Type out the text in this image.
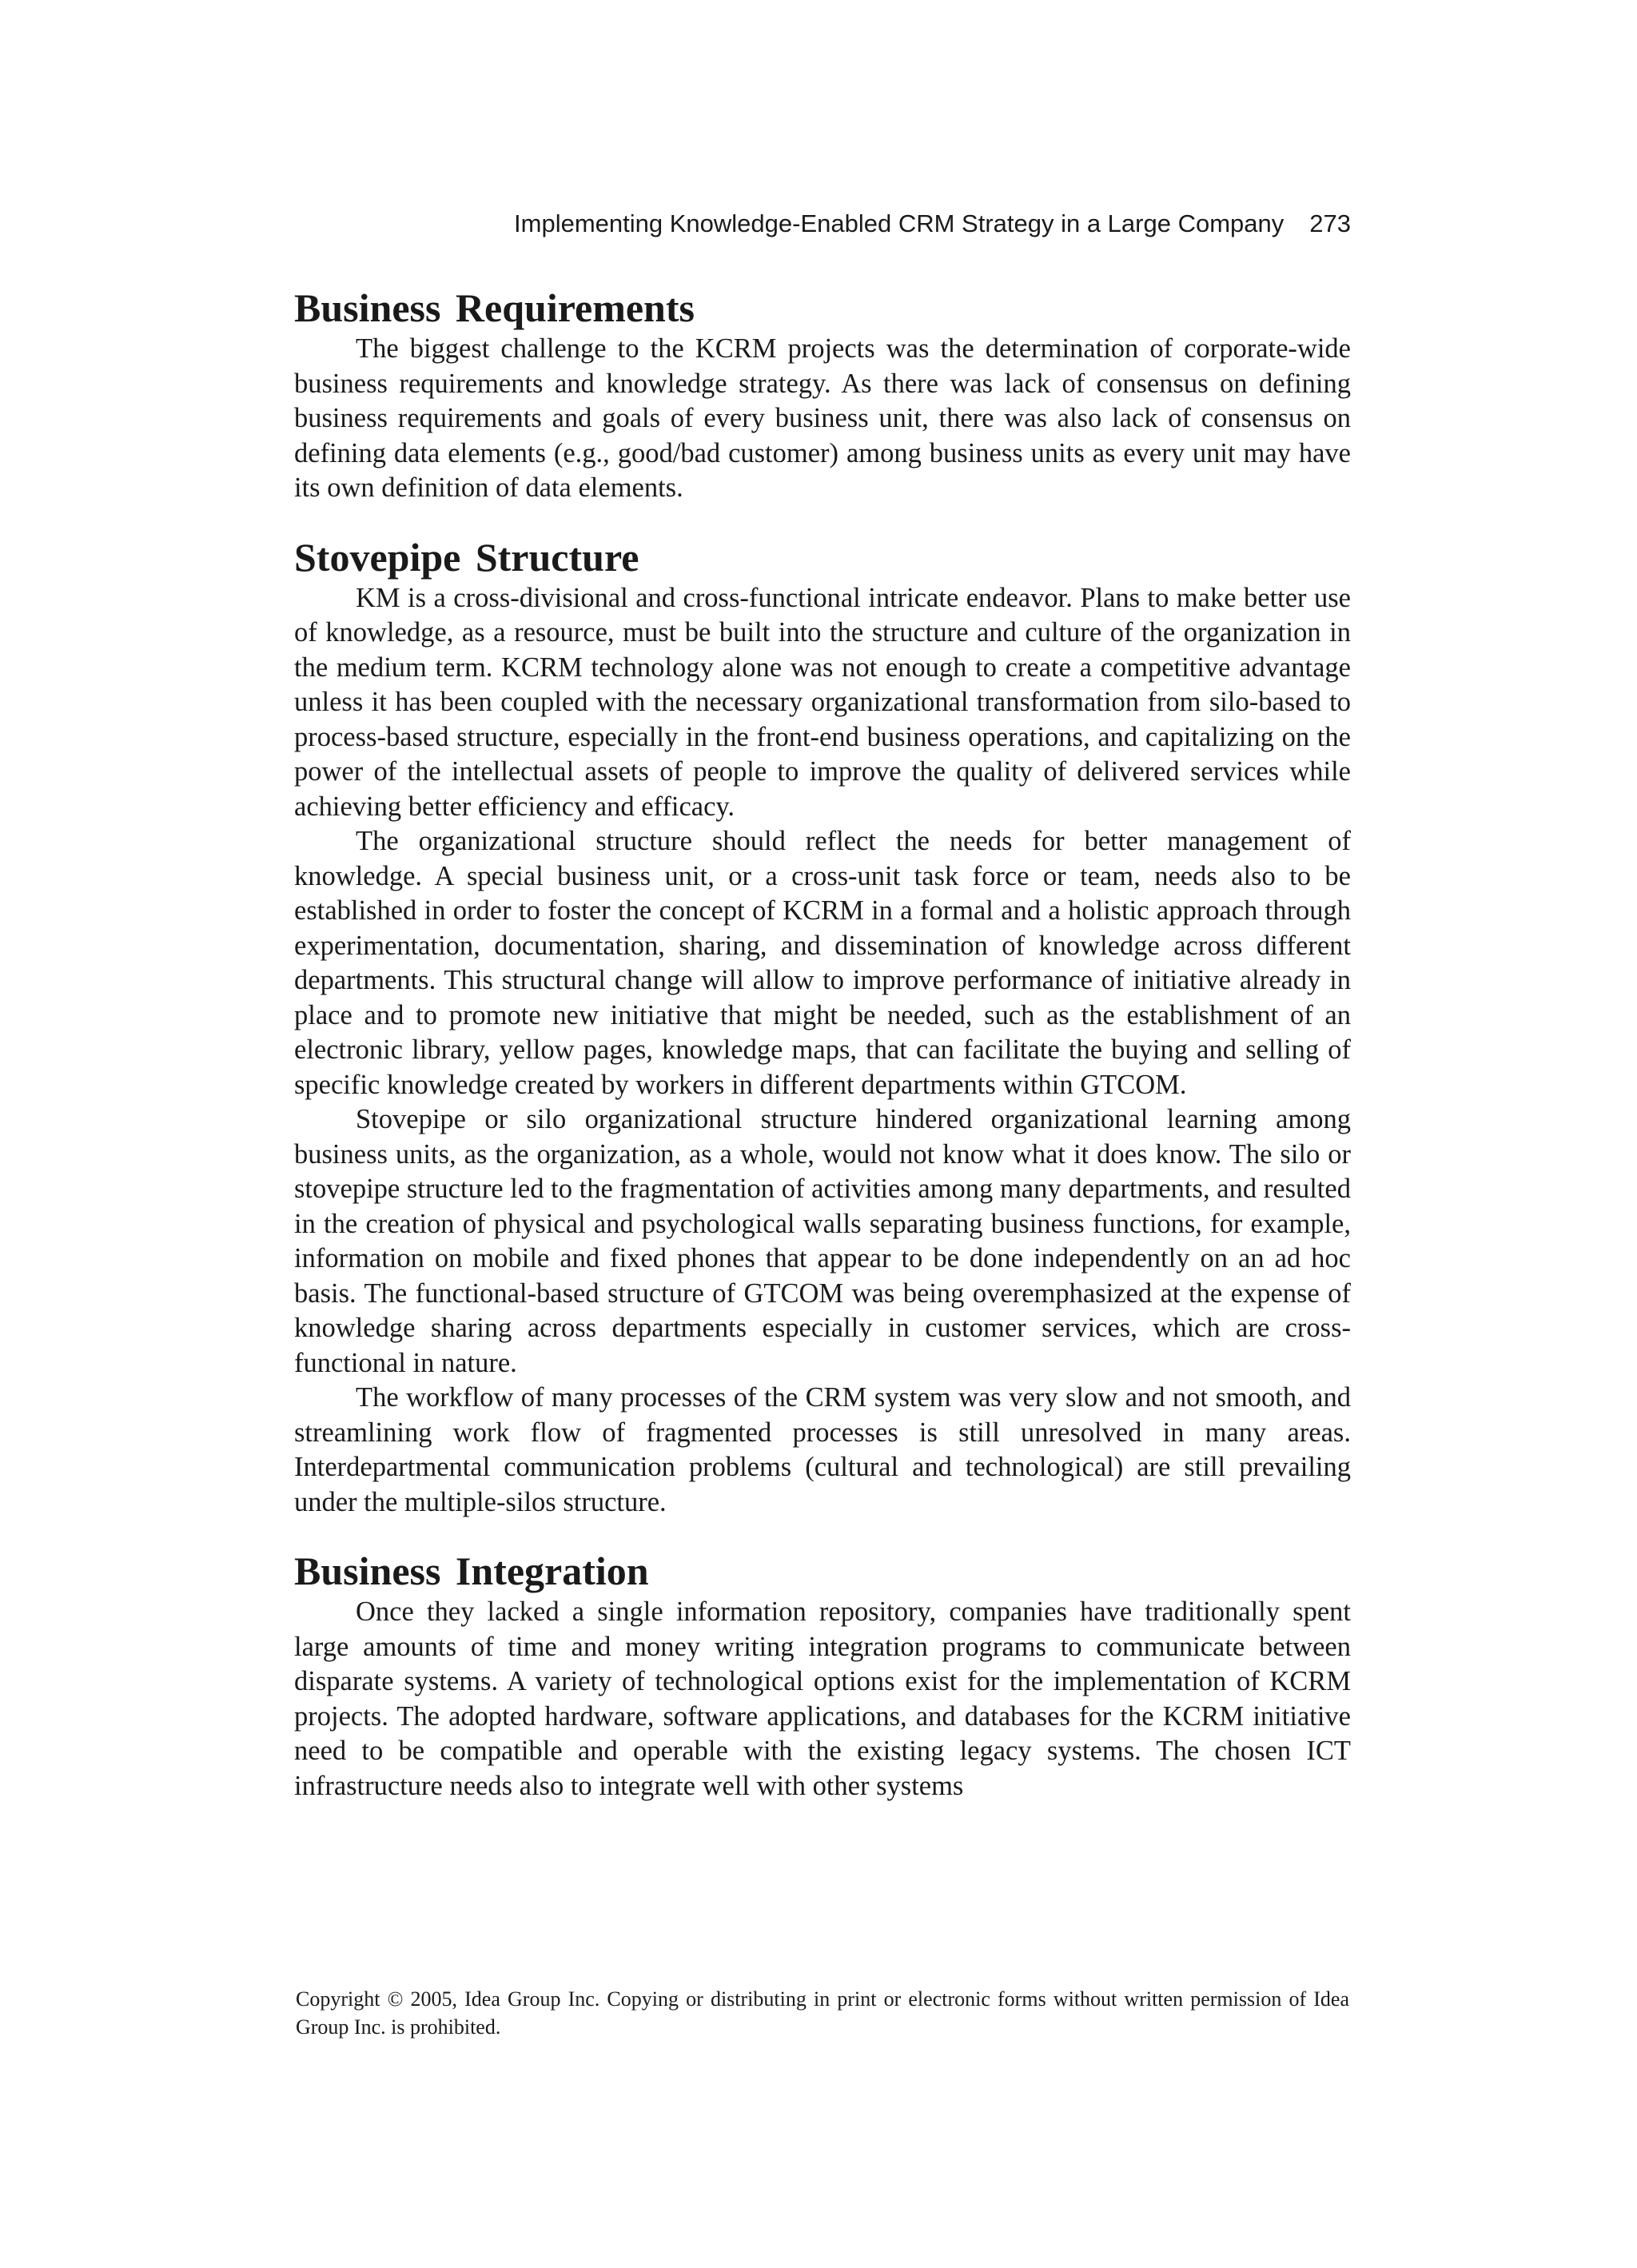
Implementing Knowledge-Enabled CRM Strategy in a Large Company 273
Business Requirements

The biggest challenge to the KCRM projects was the determination of corporate-wide business requirements and knowledge strategy. As there was lack of consensus on defining business requirements and goals of every business unit, there was also lack of consensus on defining data elements (e.g., good/bad customer) among business units as every unit may have its own definition of data elements.

Stovepipe Structure

KM is a cross-divisional and cross-functional intricate endeavor. Plans to make better use of knowledge, as a resource, must be built into the structure and culture of the organization in the medium term. KCRM technology alone was not enough to create a competitive advantage unless it has been coupled with the necessary organizational transformation from silo-based to process-based structure, especially in the front-end business operations, and capitalizing on the power of the intellectual assets of people to improve the quality of delivered services while achieving better efficiency and efficacy.

The organizational structure should reflect the needs for better management of knowledge. A special business unit, or a cross-unit task force or team, needs also to be established in order to foster the concept of KCRM in a formal and a holistic approach through experimentation, documentation, sharing, and dissemination of knowledge across different departments. This structural change will allow to improve performance of initiative already in place and to promote new initiative that might be needed, such as the establishment of an electronic library, yellow pages, knowledge maps, that can facilitate the buying and selling of specific knowledge created by workers in different departments within GTCOM.

Stovepipe or silo organizational structure hindered organizational learning among business units, as the organization, as a whole, would not know what it does know. The silo or stovepipe structure led to the fragmentation of activities among many departments, and resulted in the creation of physical and psychological walls separating business functions, for example, information on mobile and fixed phones that appear to be done independently on an ad hoc basis. The functional-based structure of GTCOM was being overemphasized at the expense of knowledge sharing across departments especially in customer services, which are cross-functional in nature.

The workflow of many processes of the CRM system was very slow and not smooth, and streamlining work flow of fragmented processes is still unresolved in many areas. Interdepartmental communication problems (cultural and technological) are still prevailing under the multiple-silos structure.

Business Integration

Once they lacked a single information repository, companies have traditionally spent large amounts of time and money writing integration programs to communicate between disparate systems. A variety of technological options exist for the implementation of KCRM projects. The adopted hardware, software applications, and databases for the KCRM initiative need to be compatible and operable with the existing legacy systems. The chosen ICT infrastructure needs also to integrate well with other systems

Copyright © 2005, Idea Group Inc. Copying or distributing in print or electronic forms without written permission of Idea Group Inc. is prohibited.
